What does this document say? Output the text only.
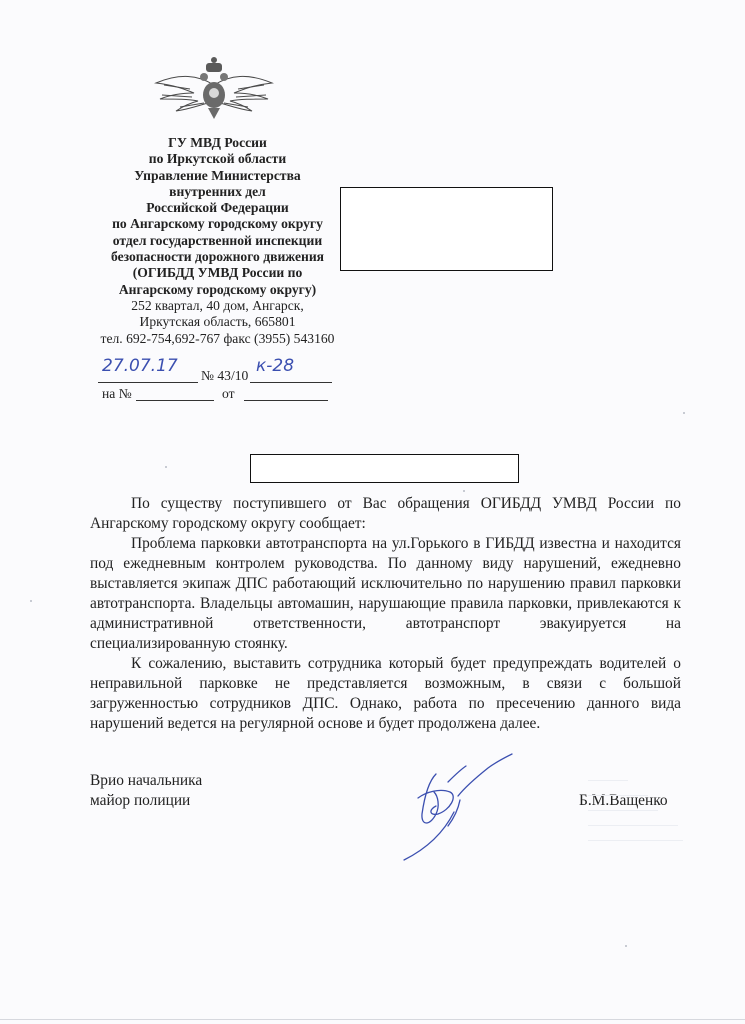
ГУ МВД России
по Иркутской области
Управление Министерства
внутренних дел
Российской Федерации
по Ангарскому городскому округу
отдел государственной инспекции
безопасности дорожного движения
(ОГИБДД УМВД России по
Ангарскому городскому округу)
252 квартал, 40 дом, Ангарск,
Иркутская область, 665801
тел. 692-754,692-767 факс (3955) 543160
27.07.17 № 43/10 к-28
на №	от

По существу поступившего от Вас обращения ОГИБДД УМВД России по Ангарскому городскому округу сообщает:

Проблема парковки автотранспорта на ул.Горького в ГИБДД известна и находится под ежедневным контролем руководства. По данному виду нарушений, ежедневно выставляется экипаж ДПС работающий исключительно по нарушению правил парковки автотранспорта. Владельцы автомашин, нарушающие правила парковки, привлекаются к административной ответственности, автотранспорт эвакуируется на специализированную стоянку.

К сожалению, выставить сотрудника который будет предупреждать водителей о неправильной парковке не представляется возможным, в связи с большой загруженностью сотрудников ДПС. Однако, работа по пресечению данного вида нарушений ведется на регулярной основе и будет продолжена далее.

Врио начальника
майор полиции	Б.М.Ващенко
